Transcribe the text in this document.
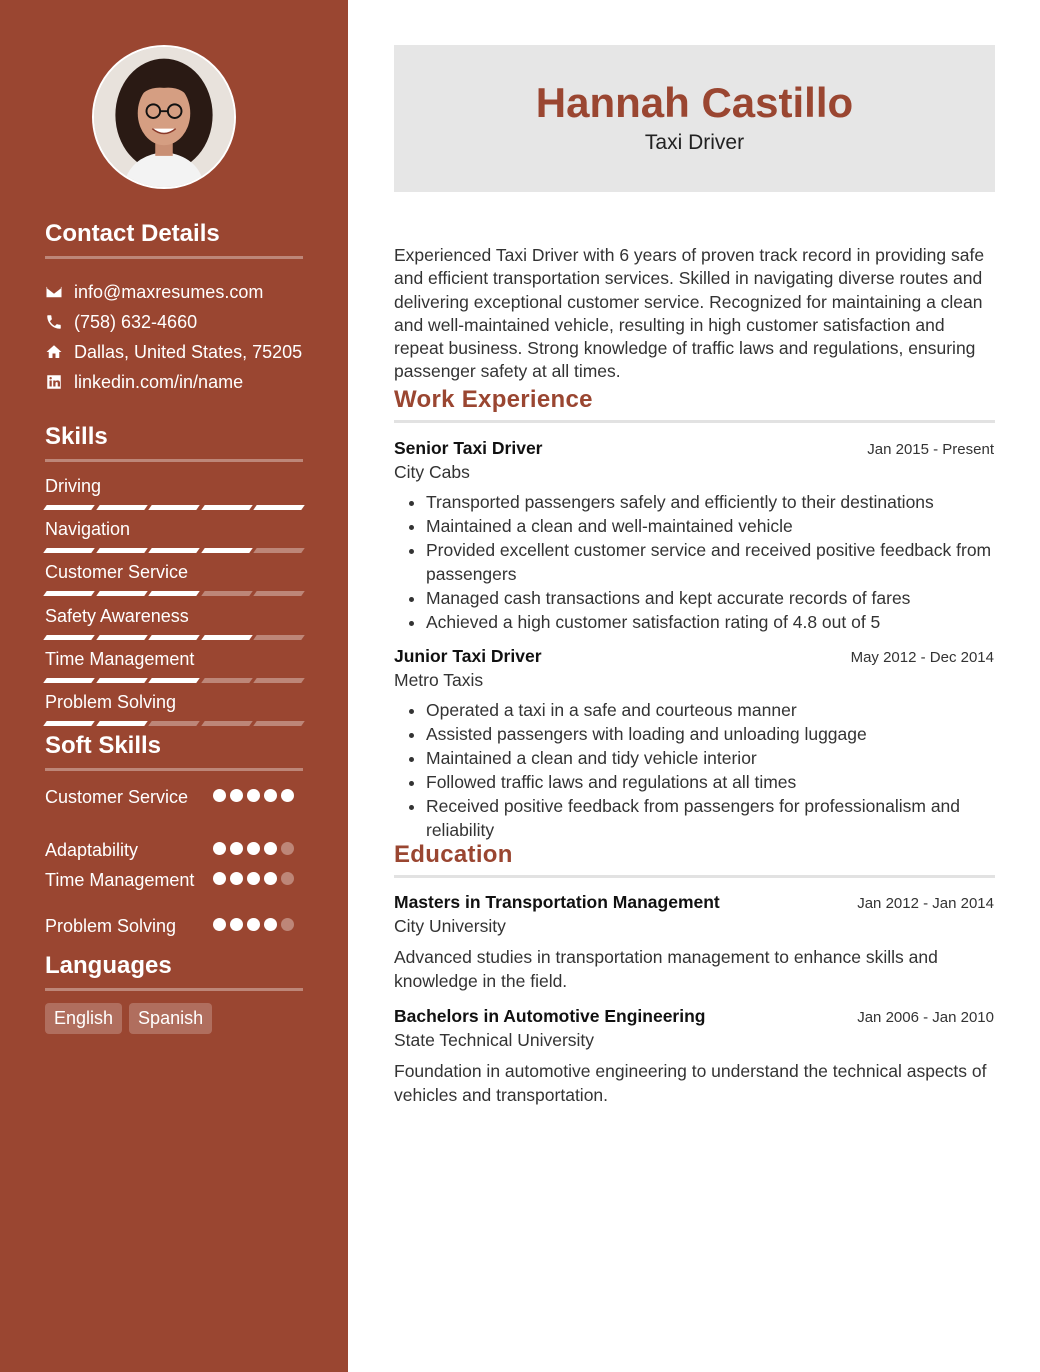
Contact Details
info@maxresumes.com
(758) 632-4660
Dallas, United States, 75205
linkedin.com/in/name
Skills
Driving
Navigation
Customer Service
Safety Awareness
Time Management
Problem Solving
Soft Skills
Customer Service
Adaptability
Time Management
Problem Solving
Languages
English	Spanish
Hannah Castillo
Taxi Driver
Experienced Taxi Driver with 6 years of proven track record in providing safe and efficient transportation services. Skilled in navigating diverse routes and delivering exceptional customer service. Recognized for maintaining a clean and well-maintained vehicle, resulting in high customer satisfaction and repeat business. Strong knowledge of traffic laws and regulations, ensuring passenger safety at all times.
Work Experience
Senior Taxi Driver	Jan 2015 - Present
City Cabs
• Transported passengers safely and efficiently to their destinations
• Maintained a clean and well-maintained vehicle
• Provided excellent customer service and received positive feedback from passengers
• Managed cash transactions and kept accurate records of fares
• Achieved a high customer satisfaction rating of 4.8 out of 5
Junior Taxi Driver	May 2012 - Dec 2014
Metro Taxis
• Operated a taxi in a safe and courteous manner
• Assisted passengers with loading and unloading luggage
• Maintained a clean and tidy vehicle interior
• Followed traffic laws and regulations at all times
• Received positive feedback from passengers for professionalism and reliability
Education
Masters in Transportation Management	Jan 2012 - Jan 2014
City University
Advanced studies in transportation management to enhance skills and knowledge in the field.
Bachelors in Automotive Engineering	Jan 2006 - Jan 2010
State Technical University
Foundation in automotive engineering to understand the technical aspects of vehicles and transportation.
